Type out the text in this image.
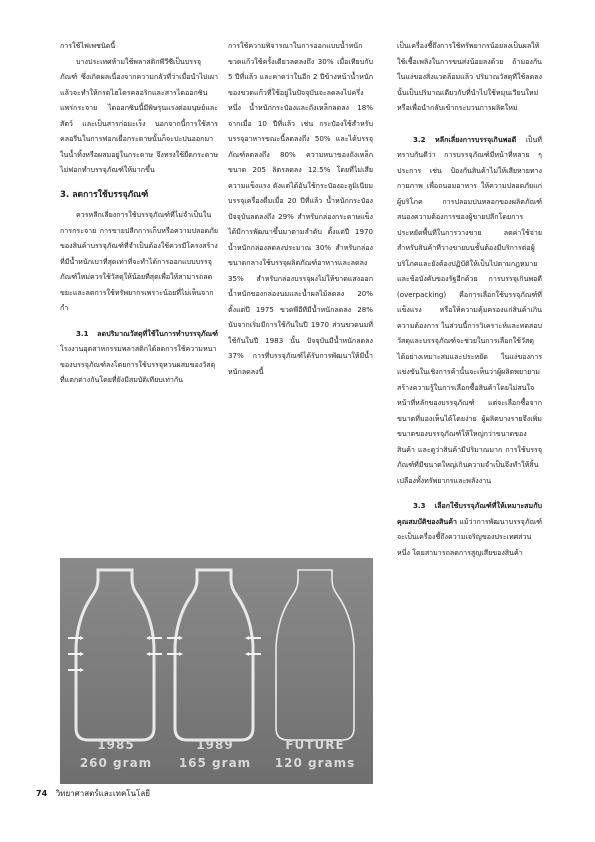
การใช้ไฟเพชนิดนี้

บางประเทศห้ามใช้พลาสติกพีวีซีเป็นบรรจุภัณฑ์ ซึ่งเกิดผลเนื่องจากความกลัวที่ว่าเมื่อนำไปเผาแล้วจะทำให้กรดไฮโดรคลอริกและสารไดออกซินแพร่กระจาย ไดออกซินนี้มีพิษรุนแรงต่อมนุษย์และสัตว์ และเป็นสารก่อมะเร็ง นอกจากนี้การใช้สารคลอรีนในการฟอกเยื่อกระดาษนั้นก็จะปะปนออกมาในน้ำทิ้งหรือผสมอยู่ในกระดาษ จึงทรงใช้ยืดกระดาษไม่ฟอกทำบรรจุภัณฑ์ให้มากขึ้น

3. ลดการใช้บรรจุภัณฑ์

ควรหลีกเลี่ยงการใช้บรรจุภัณฑ์ที่ไม่จำเป็นในการกระจาย การขายปลีกการเก็บหรือความปลอดภัยของสินค้าบรรจุภัณฑ์ที่จำเป็นต้องใช้ควรมีโครงสร้างที่มีน้ำหนักเบาที่สุดเท่าที่จะทำได้การออกแบบบรรจุภัณฑ์ใหม่ควรใช้วัสดุให้น้อยที่สุดเพื่อให้สามารถลดขยะและลดการใช้ทรัพยากรเพราะน้อยที่ไม่เห็นจากกำ

3.1 ลดปริมาณวัสดุที่ใช้ในการทำบรรจุภัณฑ์ โรงงานอุตสาหกรรมพลาสติกได้ลดการใช้ความหนาของบรรจุภัณฑ์ลงโดยการใช้บรรจุหวนผสมของวัสดุที่แตกต่างกันโดยที่ยังมีสมบัติเทียบเท่ากัน

การใช้ความพิจารณาในการออกแบบน้ำหนักขวดแก้วใช้ครั้งเดียวลดลงถึง 30% เมื่อเทียบกับ 5 ปีที่แล้ว และคาดว่าในอีก 2 ปีข้างหน้าน้ำหนักของขวดแก้วที่ใช้อยู่ในปัจจุบันจะลดลงไปครึ่งหนึ่ง น้ำหนักกระป๋องและถังเหล็กลดลง 18% จากเมื่อ 10 ปีที่แล้ว เช่น กระป๋องใช้สำหรับบรรจุอาหารขณะนี้ลดลงถึง 50% และได้บรรจุภัณฑ์ลดลงถึง 80% ความหนาของถังเหล็กขนาด 205 ลิตรลดลง 12.5% โดยที่ไม่เสียความแข็งแรง ดังแต่ได้อันใช้กระป๋องอะลูมิเนียมบรรจุเครื่องดื่มเมื่อ 20 ปีที่แล้ว น้ำหนักกระป๋องปัจจุบันลดลงถึง 29% สำหรับกล่องกระดาษแข็งได้มีการพัฒนาขึ้นมาตามลำดับ ตั้งแต่ปี 1970 น้ำหนักกล่องลดลงประมาณ 30% สำหรับกล่องขนาดกลางใช้บรรจุผลิตภัณฑ์อาหารและลดลง 35% สำหรับกล่องบรรจุผงไม่ให้ขาดแสงออก น้ำหนักของกล่องนมและน้ำผลไม้ลดลง 20% ตั้งแต่ปี 1975 ขวดพีอีทีมีน้ำหนักลดลง 28% นับจากเริ่มมีการใช้กันในปี 1970 ส่วนขวดนมที่ใช้กันในปี 1983 นั้น ปัจจุบันมีน้ำหนักลดลง 37% การที่บรรจุภัณฑ์ได้รับการพัฒนาให้มีน้ำหนักลดลงนี้

เป็นเครื่องชี้ถึงการใช้ทรัพยากรน้อยลงเป็นผลให้ใช้เชื้อเพลิงในการขนส่งน้อยลงด้วย ถ้ามองกันในแง่ของสิ่งแวดล้อมแล้ว ปริมาณวัสดุที่ใช้ลดลงนั้นเป็นปริมาณเดียวกับที่นำไปใช้หมุนเวียนใหม่ หรือเพื่อนำกลับเข้ากระบวนการผลิตใหม่

3.2 หลีกเลี่ยงการบรรจุเกินพอดี เป็นที่ทราบกันดีว่า การบรรจุภัณฑ์มีหน้าที่หลาย ๆ ประการ เช่น ป้องกันสินค้าไม่ให้เสียหายทางกายภาพ เพื่อถนอมอาหาร ให้ความปลอดภัยแก่ผู้บริโภค การปลอมปนหลอกของผลิตภัณฑ์ สนองความต้องการของผู้ขายปลีกโดยการประหยัดพื้นที่ในการวางขาย ลดค่าใช้จ่ายสำหรับสินค้าที่วางขายบนชั้นต้องมีบริการต่อผู้บริโภคและยังต้องปฏิบัติให้เป็นไปตามกฎหมายและข้อบังคับของรัฐอีกด้วย การบรรจุเกินพอดี (overpacking) คือการเลือกใช้บรรจุภัณฑ์ที่แข็งแรง หรือให้ความคุ้มครองแก่สินค้าเกินความต้องการ ในส่วนนี้การวิเคราะห์และทดสอบวัสดุและบรรจุภัณฑ์จะช่วยในการเลือกใช้วัสดุได้อย่างเหมาะสมและประหยัด ในแง่ของการแข่งขันในเชิงการค้านั้นจะเห็นว่าผู้ผลิตพยายามสร้างความรู้ในการเลือกซื้อสินค้าโดยไม่สนใจหน้าที่หลักของบรรจุภัณฑ์ แต่จะเลือกซื้อจากขนาดที่มองเห็นได้โดยง่าย ผู้ผลิตบางรายจึงเพิ่มขนาดของบรรจุภัณฑ์ให้ใหญ่กว่าขนาดของสินค้า และดูว่าสินค้ามีปริมาณมาก การใช้บรรจุภัณฑ์ที่มีขนาดใหญ่เกินความจำเป็นจึงทำให้สิ้นเปลืองทั้งทรัพยากรและพลังงาน

3.3 เลือกใช้บรรจุภัณฑ์ที่ให้เหมาะสมกับคุณสมบัติของสินค้า แม้ว่าการพัฒนาบรรจุภัณฑ์จะเป็นเครื่องชี้ถึงความเจริญของประเทศส่วนหนึ่ง โดยสามารถลดการสูญเสียของสินค้า

1985
260 gram
1989
165 gram
FUTURE
120 grams
74 วิทยาศาสตร์และเทคโนโลยี
